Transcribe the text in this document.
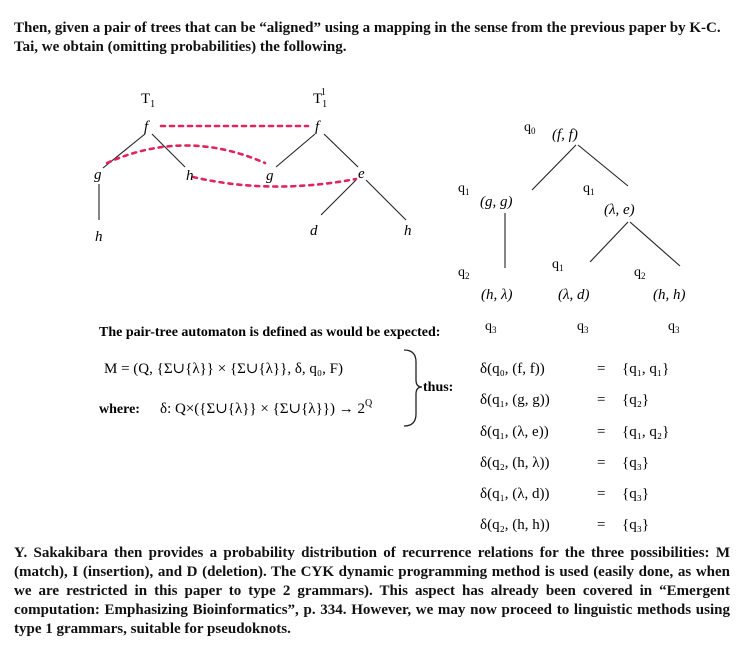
Then, given a pair of trees that can be “aligned” using a mapping in the sense from the previous paper by K-C. Tai, we obtain (omitting probabilities) the following.

$T_1$	$T_11$
f
g
h
h
f
g	e
d	h
$q_0$ (f, f)
$q_1$
(g, g)
$q_1$
(λ, e)
$q_2$
(h, λ)
$q_1$
(λ, d)
$q_2$
(h, h)
$q_3$	$q_3$	$q_3$
The pair-tree automaton is defined as would be expected:
M = (Q, {Σ∪{λ}} × {Σ∪{λ}}, δ, q₀, F)
where: δ: Q×({Σ∪{λ}} × {Σ∪{λ}}) → $2^Q$
thus:
δ(q₀, (f, f))	= {q₁, q₁}
δ(q₁, (g, g))	= {q₂}
δ(q₁, (λ, e))	= {q₁, q₂}
δ(q₂, (h, λ))	= {q₃}
δ(q₁, (λ, d))	= {q₃}
δ(q₂, (h, h))	= {q₃}

Y. Sakakibara then provides a probability distribution of recurrence relations for the three possibilities: M (match), I (insertion), and D (deletion). The CYK dynamic programming method is used (easily done, as when we are restricted in this paper to type 2 grammars). This aspect has already been covered in “Emergent computation: Emphasizing Bioinformatics”, p. 334. However, we may now proceed to linguistic methods using type 1 grammars, suitable for pseudoknots.
